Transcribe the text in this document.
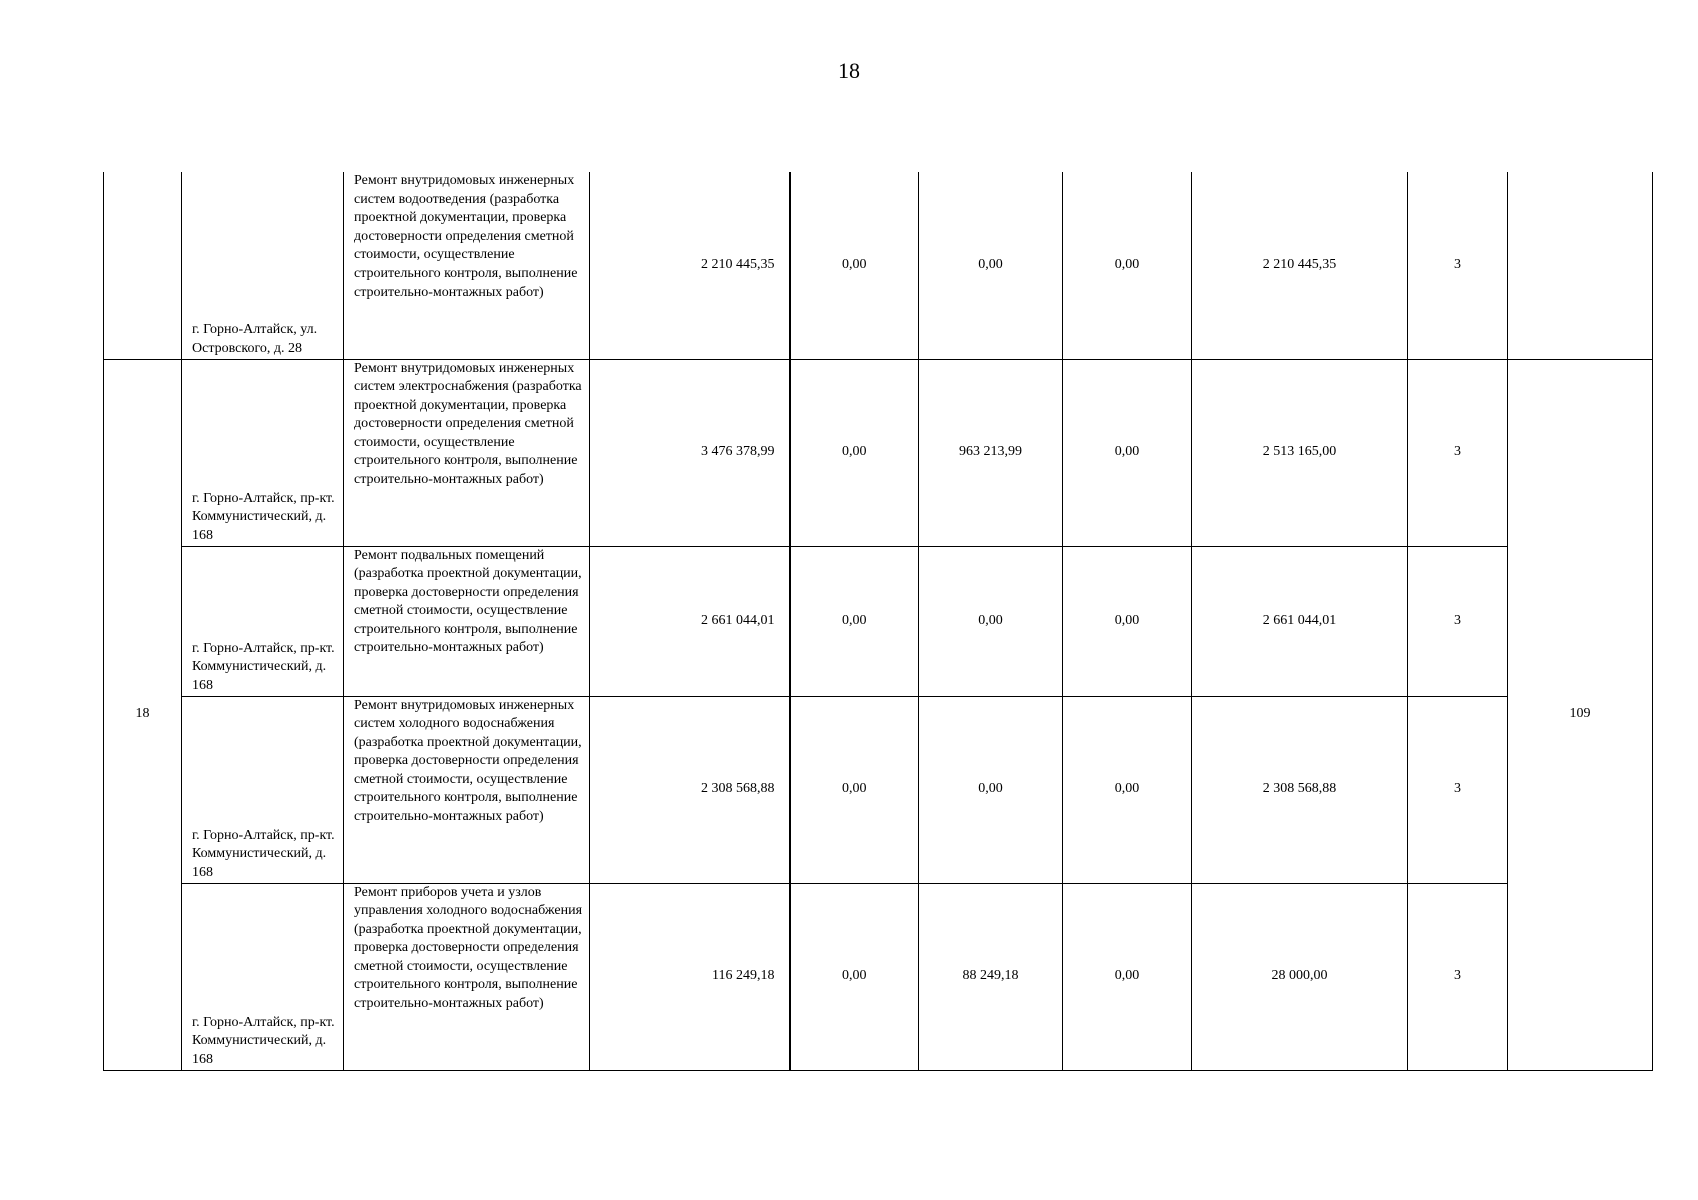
18
	г. Горно-Алтайск, ул. Островского, д. 28	Ремонт внутридомовых инженерных систем водоотведения (разработка проектной документации, проверка достоверности определения сметной стоимости, осуществление строительного контроля, выполнение строительно-монтажных работ)	2 210 445,35	0,00	0,00	0,00	2 210 445,35	3	
18	г. Горно-Алтайск, пр-кт. Коммунистический, д. 168	Ремонт внутридомовых инженерных систем электроснабжения (разработка проектной документации, проверка достоверности определения сметной стоимости, осуществление строительного контроля, выполнение строительно-монтажных работ)	3 476 378,99	0,00	963 213,99	0,00	2 513 165,00	3	109
	г. Горно-Алтайск, пр-кт. Коммунистический, д. 168	Ремонт подвальных помещений (разработка проектной документации, проверка достоверности определения сметной стоимости, осуществление строительного контроля, выполнение строительно-монтажных работ)	2 661 044,01	0,00	0,00	0,00	2 661 044,01	3	
	г. Горно-Алтайск, пр-кт. Коммунистический, д. 168	Ремонт внутридомовых инженерных систем холодного водоснабжения (разработка проектной документации, проверка достоверности определения сметной стоимости, осуществление строительного контроля, выполнение строительно-монтажных работ)	2 308 568,88	0,00	0,00	0,00	2 308 568,88	3	
	г. Горно-Алтайск, пр-кт. Коммунистический, д. 168	Ремонт приборов учета и узлов управления холодного водоснабжения (разработка проектной документации, проверка достоверности определения сметной стоимости, осуществление строительного контроля, выполнение строительно-монтажных работ)	116 249,18	0,00	88 249,18	0,00	28 000,00	3	
